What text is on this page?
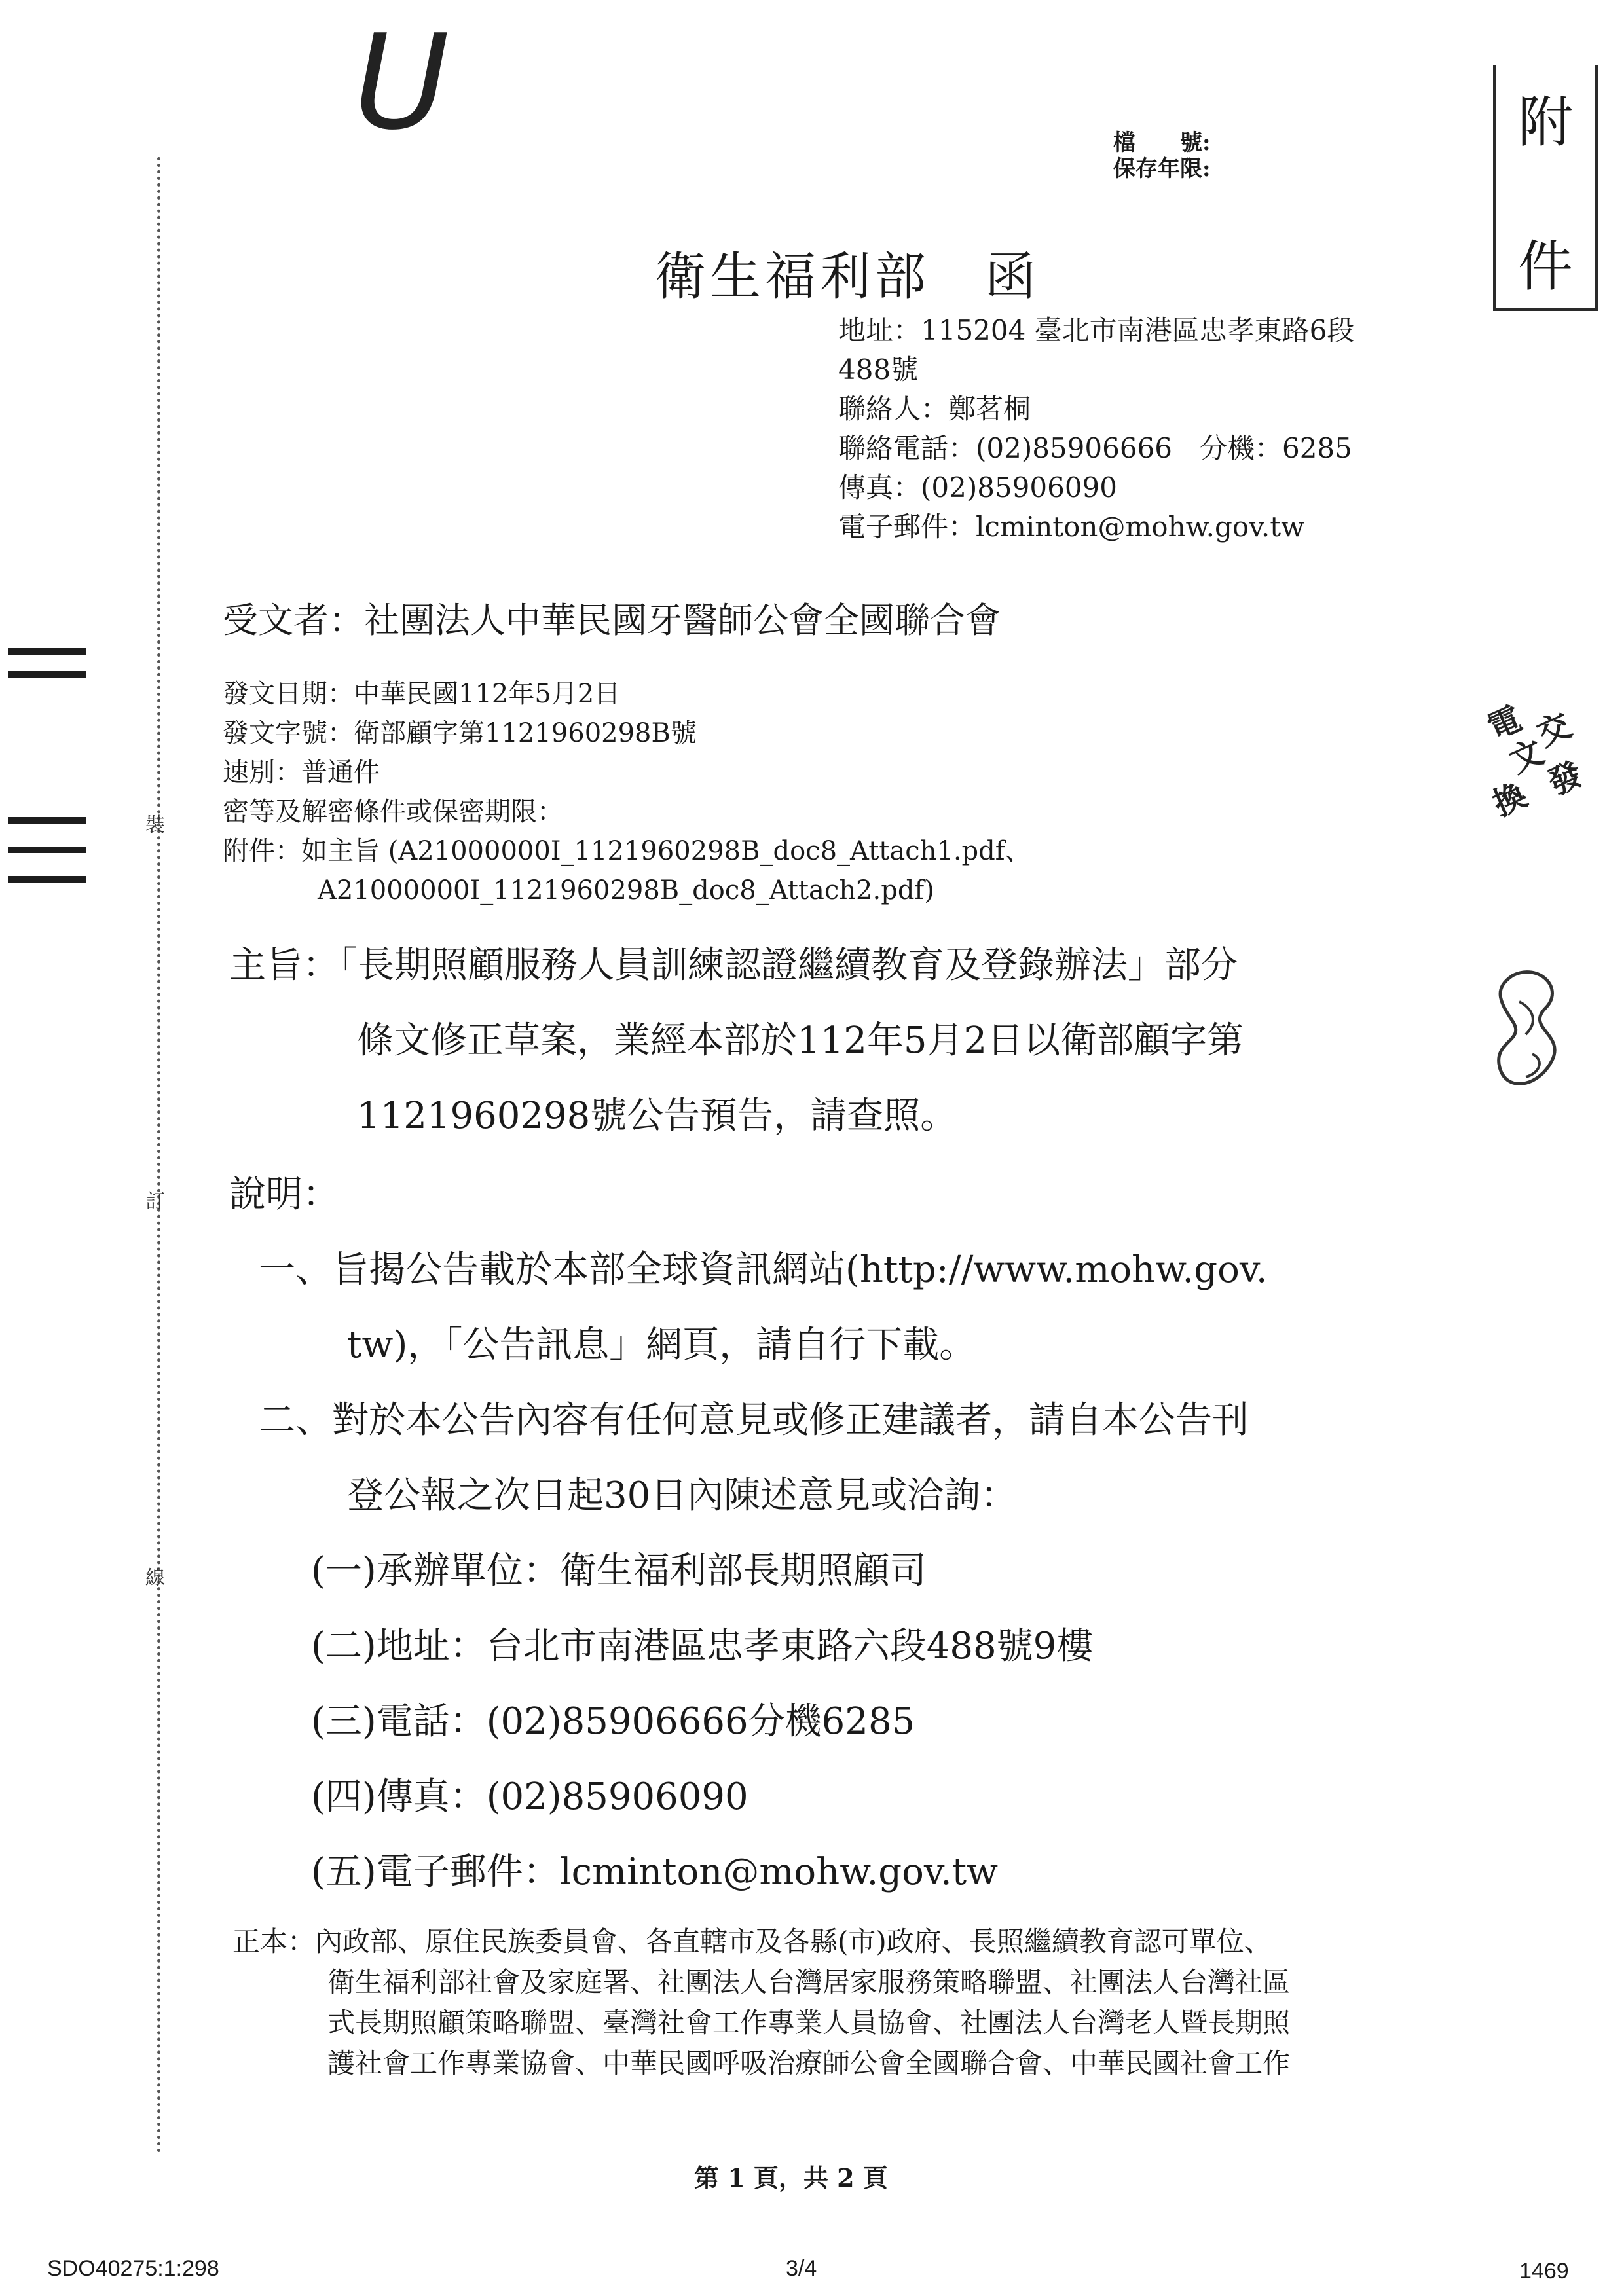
U	檔　　號:
保存年限:
附
件
衛生福利部　函
地址：115204 臺北市南港區忠孝東路6段
488號
聯絡人：鄭茗桐
聯絡電話：(02)85906666　分機：6285
傳真：(02)85906090
電子郵件：lcminton@mohw.gov.tw
受文者：社團法人中華民國牙醫師公會全國聯合會
裝
訂
線
發文日期：中華民國112年5月2日
發文字號：衛部顧字第1121960298B號
速別：普通件
密等及解密條件或保密期限：
附件：如主旨 (A21000000I_1121960298B_doc8_Attach1.pdf、
A21000000I_1121960298B_doc8_Attach2.pdf)
電
文
交
換 發
主旨：「長期照顧服務人員訓練認證繼續教育及登錄辦法」部分
條文修正草案，業經本部於112年5月2日以衛部顧字第
1121960298號公告預告，請查照。
說明：
一、旨揭公告載於本部全球資訊網站(http://www.mohw.gov.
tw)，「公告訊息」網頁，請自行下載。
二、對於本公告內容有任何意見或修正建議者，請自本公告刊
登公報之次日起30日內陳述意見或洽詢：
(一)承辦單位：衛生福利部長期照顧司
(二)地址：台北市南港區忠孝東路六段488號9樓
(三)電話：(02)85906666分機6285
(四)傳真：(02)85906090
(五)電子郵件：lcminton@mohw.gov.tw
正本：內政部、原住民族委員會、各直轄市及各縣(市)政府、長照繼續教育認可單位、
衛生福利部社會及家庭署、社團法人台灣居家服務策略聯盟、社團法人台灣社區
式長期照顧策略聯盟、臺灣社會工作專業人員協會、社團法人台灣老人暨長期照
護社會工作專業協會、中華民國呼吸治療師公會全國聯合會、中華民國社會工作
第 1 頁，共 2 頁
SDO40275:1:298	3/4	1469
